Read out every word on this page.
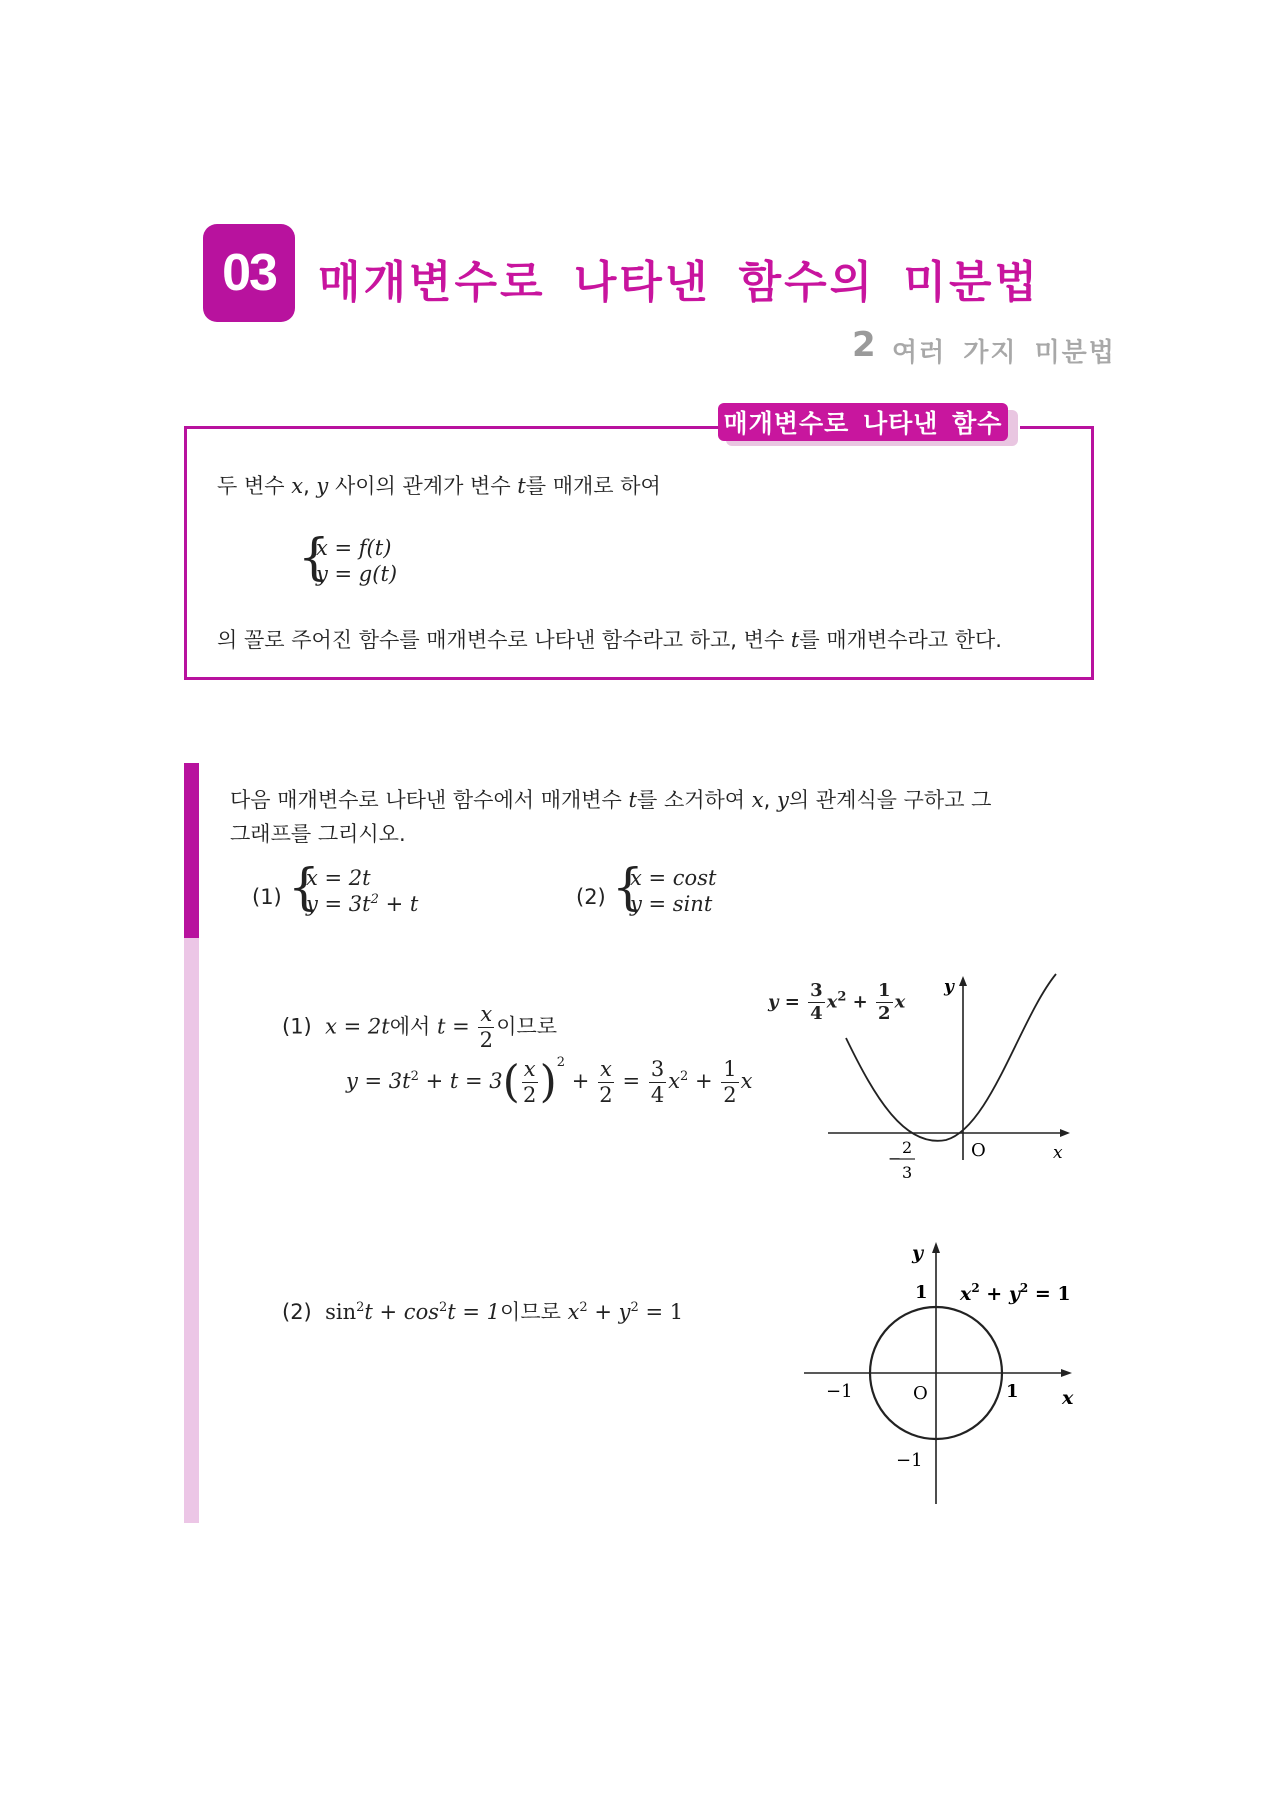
03 매개변수로 나타낸 함수의 미분법
2 여러 가지 미분법
매개변수로 나타낸 함수
두 변수 x, y 사이의 관계가 변수 t를 매개로 하여
{
x = f(t)
y = g(t)
의 꼴로 주어진 함수를 매개변수로 나타낸 함수라고 하고, 변수 t를 매개변수라고 한다.
다음 매개변수로 나타낸 함수에서 매개변수 t를 소거하여 x, y의 관계식을 구하고 그
그래프를 그리시오.
(1) {
x = 2t
$y = 3t^2 + t$	(2) {
x = cost
y = sint
(1) x = 2t에서 $t = \frac{x}{2}$ 이므로
$y = 3t^2 + t = 3( \frac{x}{2} )^2 + \frac{x}{2} = \frac{3}{4} x^2 + \frac{1}{2}$ x
$y = \frac{3}{4} x^2 + \frac{1}{2}$ x
y
O	x
−
2
3
(2) $\sin^2t + \cos^2t = 1$이므로 $x^2 + y^2 = 1$
y
1
−1
−1	1
O	x
$x^2 + y^2 = 1$
